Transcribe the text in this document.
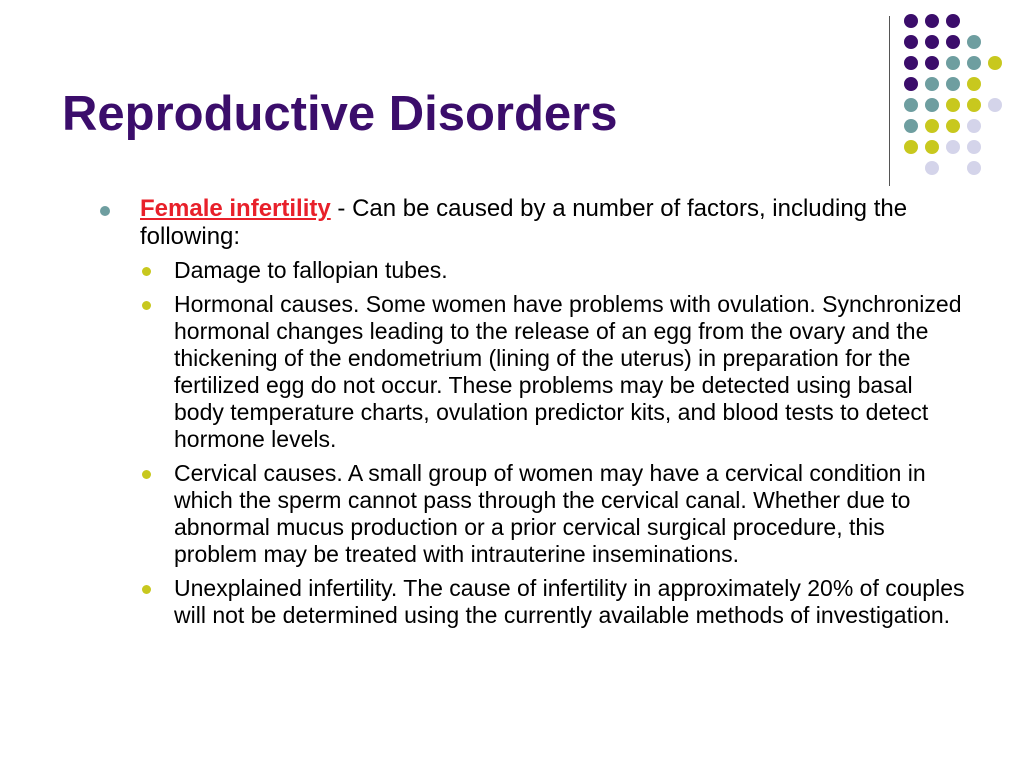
Reproductive Disorders

Female infertility - Can be caused by a number of factors, including the following:

Damage to fallopian tubes.
Hormonal causes. Some women have problems with ovulation. Synchronized hormonal changes leading to the release of an egg from the ovary and the thickening of the endometrium (lining of the uterus) in preparation for the fertilized egg do not occur. These problems may be detected using basal body temperature charts, ovulation predictor kits, and blood tests to detect hormone levels.
Cervical causes. A small group of women may have a cervical condition in which the sperm cannot pass through the cervical canal. Whether due to abnormal mucus production or a prior cervical surgical procedure, this problem may be treated with intrauterine inseminations.
Unexplained infertility. The cause of infertility in approximately 20% of couples will not be determined using the currently available methods of investigation.
